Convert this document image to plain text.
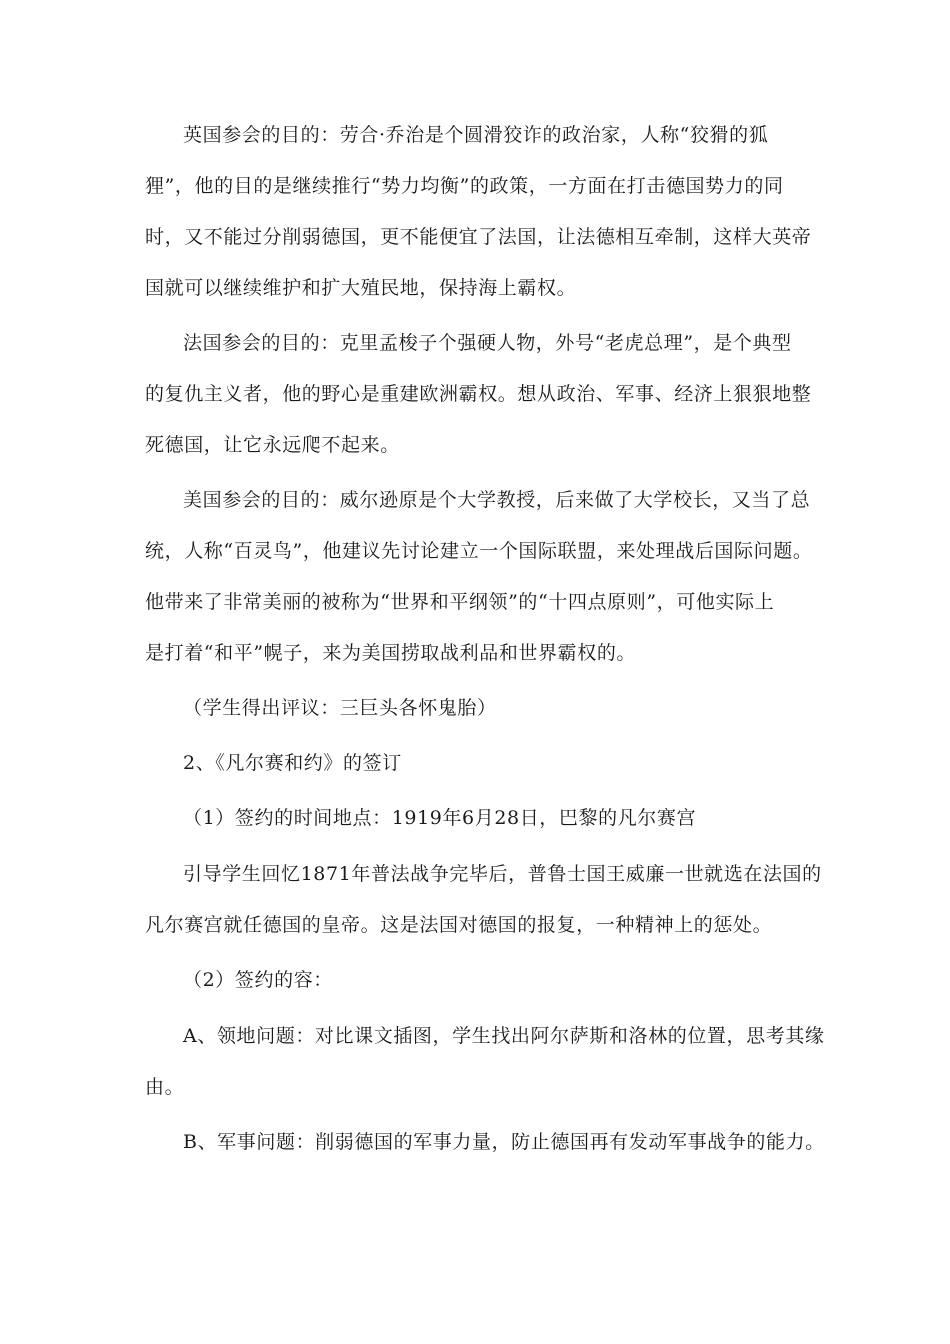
英国参会的目的：劳合·乔治是个圆滑狡诈的政治家，人称“狡猾的狐

狸”，他的目的是继续推行“势力均衡”的政策，一方面在打击德国势力的同

时，又不能过分削弱德国，更不能便宜了法国，让法德相互牵制，这样大英帝

国就可以继续维护和扩大殖民地，保持海上霸权。

法国参会的目的：克里孟梭子个强硬人物，外号“老虎总理”，是个典型

的复仇主义者，他的野心是重建欧洲霸权。想从政治、军事、经济上狠狠地整

死德国，让它永远爬不起来。

美国参会的目的：威尔逊原是个大学教授，后来做了大学校长，又当了总

统，人称“百灵鸟”，他建议先讨论建立一个国际联盟，来处理战后国际问题。

他带来了非常美丽的被称为“世界和平纲领”的“十四点原则”，可他实际上

是打着“和平”幌子，来为美国捞取战利品和世界霸权的。

（学生得出评议：三巨头各怀鬼胎）

2、《凡尔赛和约》的签订

（1）签约的时间地点：1919年6月28日，巴黎的凡尔赛宫

引导学生回忆1871年普法战争完毕后，普鲁士国王威廉一世就选在法国的

凡尔赛宫就任德国的皇帝。这是法国对德国的报复，一种精神上的惩处。

（2）签约的容：

A、领地问题：对比课文插图，学生找出阿尔萨斯和洛林的位置，思考其缘

由。

B、军事问题：削弱德国的军事力量，防止德国再有发动军事战争的能力。
